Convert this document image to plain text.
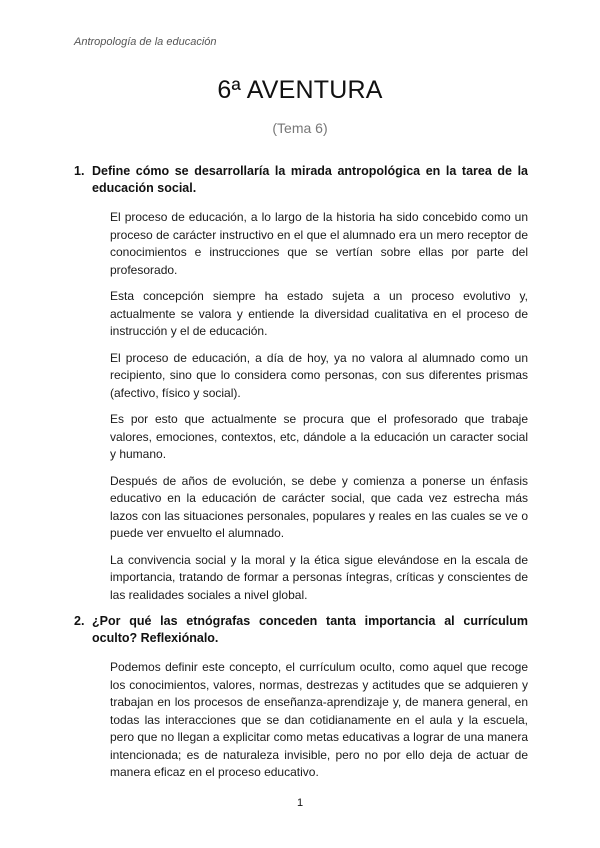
Antropología de la educación
6ª AVENTURA
(Tema 6)
1. Define cómo se desarrollaría la mirada antropológica en la tarea de la educación social.

El proceso de educación, a lo largo de la historia ha sido concebido como un proceso de carácter instructivo en el que el alumnado era un mero receptor de conocimientos e instrucciones que se vertían sobre ellas por parte del profesorado.

Esta concepción siempre ha estado sujeta a un proceso evolutivo y, actualmente se valora y entiende la diversidad cualitativa en el proceso de instrucción y el de educación.

El proceso de educación, a día de hoy, ya no valora al alumnado como un recipiento, sino que lo considera como personas, con sus diferentes prismas (afectivo, físico y social).

Es por esto que actualmente se procura que el profesorado que trabaje valores, emociones, contextos, etc, dándole a la educación un caracter social y humano.

Después de años de evolución, se debe y comienza a ponerse un énfasis educativo en la educación de carácter social, que cada vez estrecha más lazos con las situaciones personales, populares y reales en las cuales se ve o puede ver envuelto el alumnado.

La convivencia social y la moral y la ética sigue elevándose en la escala de importancia, tratando de formar a personas íntegras, críticas y conscientes de las realidades sociales a nivel global.

2. ¿Por qué las etnógrafas conceden tanta importancia al currículum oculto? Reflexiónalo.

Podemos definir este concepto, el currículum oculto, como aquel que recoge los conocimientos, valores, normas, destrezas y actitudes que se adquieren y trabajan en los procesos de enseñanza-aprendizaje y, de manera general, en todas las interacciones que se dan cotidianamente en el aula y la escuela, pero que no llegan a explicitar como metas educativas a lograr de una manera intencionada; es de naturaleza invisible, pero no por ello deja de actuar de manera eficaz en el proceso educativo.

1
